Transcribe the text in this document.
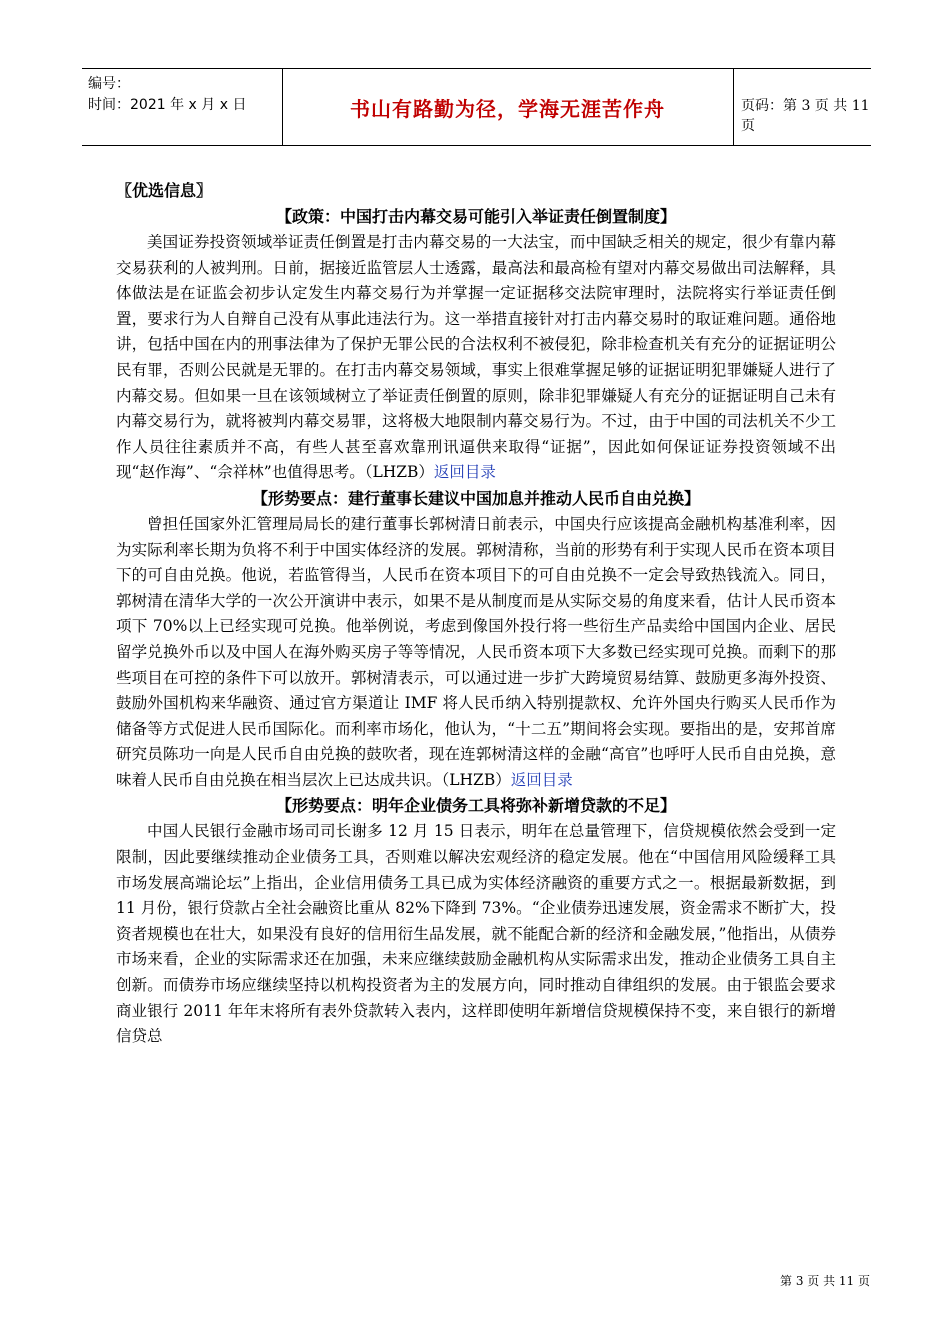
编号：
时间：2021 年 x 月 x 日	书山有路勤为径，学海无涯苦作舟	页码：第 3 页 共 11 页
〖优选信息〗
【政策：中国打击内幕交易可能引入举证责任倒置制度】

美国证券投资领域举证责任倒置是打击内幕交易的一大法宝，而中国缺乏相关的规定，很少有靠内幕交易获利的人被判刑。日前，据接近监管层人士透露，最高法和最高检有望对内幕交易做出司法解释，具体做法是在证监会初步认定发生内幕交易行为并掌握一定证据移交法院审理时，法院将实行举证责任倒置，要求行为人自辩自己没有从事此违法行为。这一举措直接针对打击内幕交易时的取证难问题。通俗地讲，包括中国在内的刑事法律为了保护无罪公民的合法权利不被侵犯，除非检查机关有充分的证据证明公民有罪，否则公民就是无罪的。在打击内幕交易领域，事实上很难掌握足够的证据证明犯罪嫌疑人进行了内幕交易。但如果一旦在该领域树立了举证责任倒置的原则，除非犯罪嫌疑人有充分的证据证明自己未有内幕交易行为，就将被判内幕交易罪，这将极大地限制内幕交易行为。不过，由于中国的司法机关不少工作人员往往素质并不高，有些人甚至喜欢靠刑讯逼供来取得“证据”，因此如何保证证券投资领域不出现“赵作海”、“佘祥林”也值得思考。（LHZB）返回目录

【形势要点：建行董事长建议中国加息并推动人民币自由兑换】

曾担任国家外汇管理局局长的建行董事长郭树清日前表示，中国央行应该提高金融机构基准利率，因为实际利率长期为负将不利于中国实体经济的发展。郭树清称，当前的形势有利于实现人民币在资本项目下的可自由兑换。他说，若监管得当，人民币在资本项目下的可自由兑换不一定会导致热钱流入。同日，郭树清在清华大学的一次公开演讲中表示，如果不是从制度而是从实际交易的角度来看，估计人民币资本项下 70%以上已经实现可兑换。他举例说，考虑到像国外投行将一些衍生产品卖给中国国内企业、居民留学兑换外币以及中国人在海外购买房子等等情况，人民币资本项下大多数已经实现可兑换。而剩下的那些项目在可控的条件下可以放开。郭树清表示，可以通过进一步扩大跨境贸易结算、鼓励更多海外投资、鼓励外国机构来华融资、通过官方渠道让 IMF 将人民币纳入特别提款权、允许外国央行购买人民币作为储备等方式促进人民币国际化。而利率市场化，他认为，“十二五”期间将会实现。要指出的是，安邦首席研究员陈功一向是人民币自由兑换的鼓吹者，现在连郭树清这样的金融“高官”也呼吁人民币自由兑换，意味着人民币自由兑换在相当层次上已达成共识。（LHZB）返回目录

【形势要点：明年企业债务工具将弥补新增贷款的不足】

中国人民银行金融市场司司长谢多 12 月 15 日表示，明年在总量管理下，信贷规模依然会受到一定限制，因此要继续推动企业债务工具，否则难以解决宏观经济的稳定发展。他在“中国信用风险缓释工具市场发展高端论坛”上指出，企业信用债务工具已成为实体经济融资的重要方式之一。根据最新数据，到 11 月份，银行贷款占全社会融资比重从 82%下降到 73%。“企业债券迅速发展，资金需求不断扩大，投资者规模也在壮大，如果没有良好的信用衍生品发展，就不能配合新的经济和金融发展，”他指出，从债券市场来看，企业的实际需求还在加强，未来应继续鼓励金融机构从实际需求出发，推动企业债务工具自主创新。而债券市场应继续坚持以机构投资者为主的发展方向，同时推动自律组织的发展。由于银监会要求商业银行 2011 年年末将所有表外贷款转入表内，这样即使明年新增信贷规模保持不变，来自银行的新增信贷总

第 3 页 共 11 页
